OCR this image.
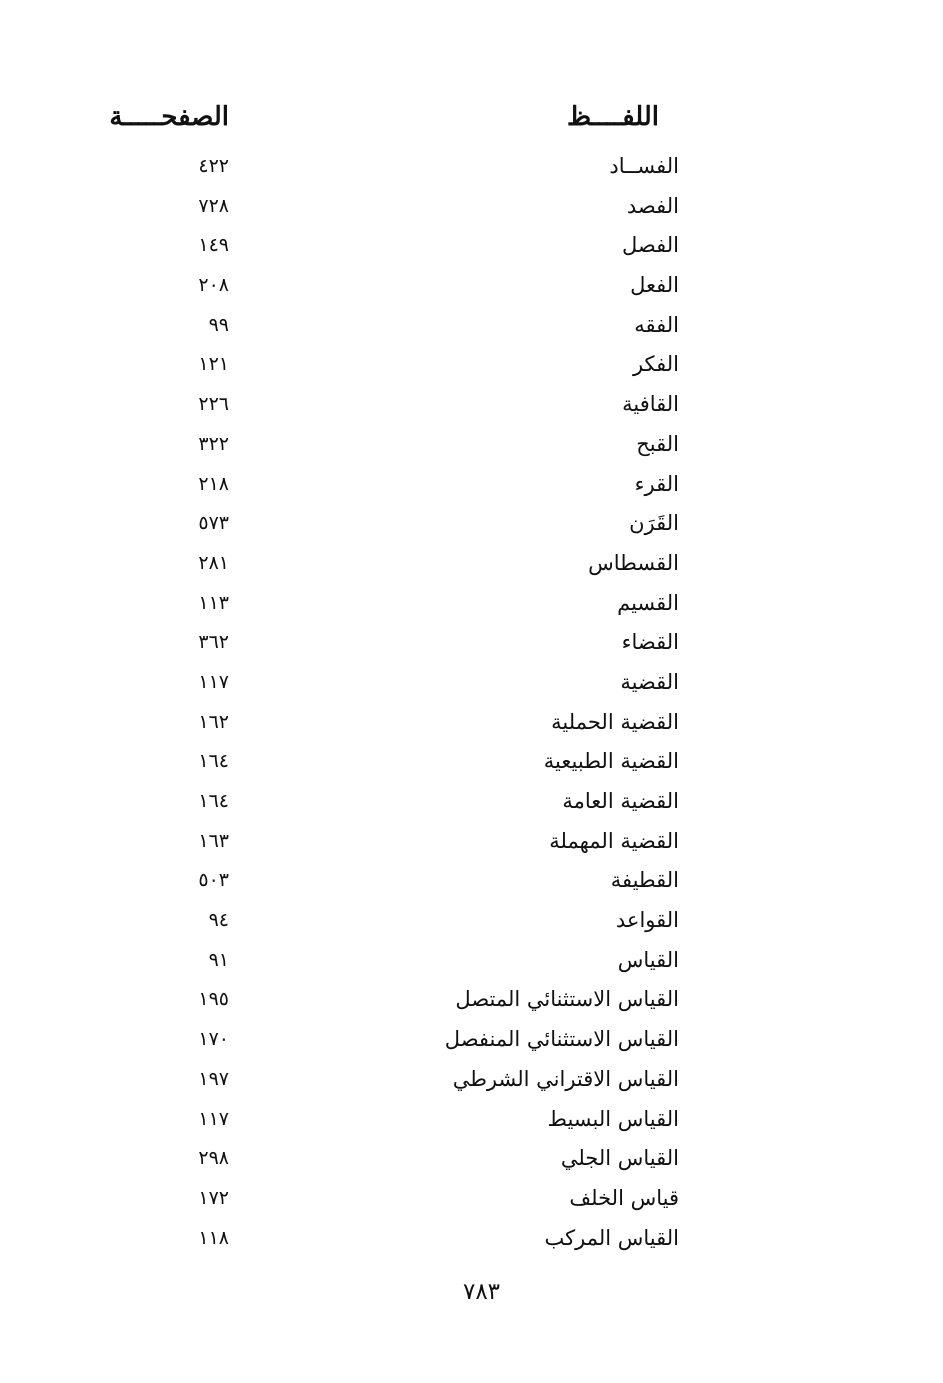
اللفــــظ
الصفحـــــة
الفســاد
٤٢٢
الفصد
٧٢٨
الفصل
١٤٩
الفعل
٢٠٨
الفقه
٩٩
الفكر
١٢١
القافية
٢٢٦
القبح
٣٢٢
القرء
٢١٨
القَرَن
٥٧٣
القسطاس
٢٨١
القسيم
١١٣
القضاء
٣٦٢
القضية
١١٧
القضية الحملية
١٦٢
القضية الطبيعية
١٦٤
القضية العامة
١٦٤
القضية المهملة
١٦٣
القطيفة
٥٠٣
القواعد
٩٤
القياس
٩١
القياس الاستثنائي المتصل
١٩٥
القياس الاستثنائي المنفصل
١٧٠
القياس الاقتراني الشرطي
١٩٧
القياس البسيط
١١٧
القياس الجلي
٢٩٨
قياس الخلف
١٧٢
القياس المركب
١١٨
٧٨٣
